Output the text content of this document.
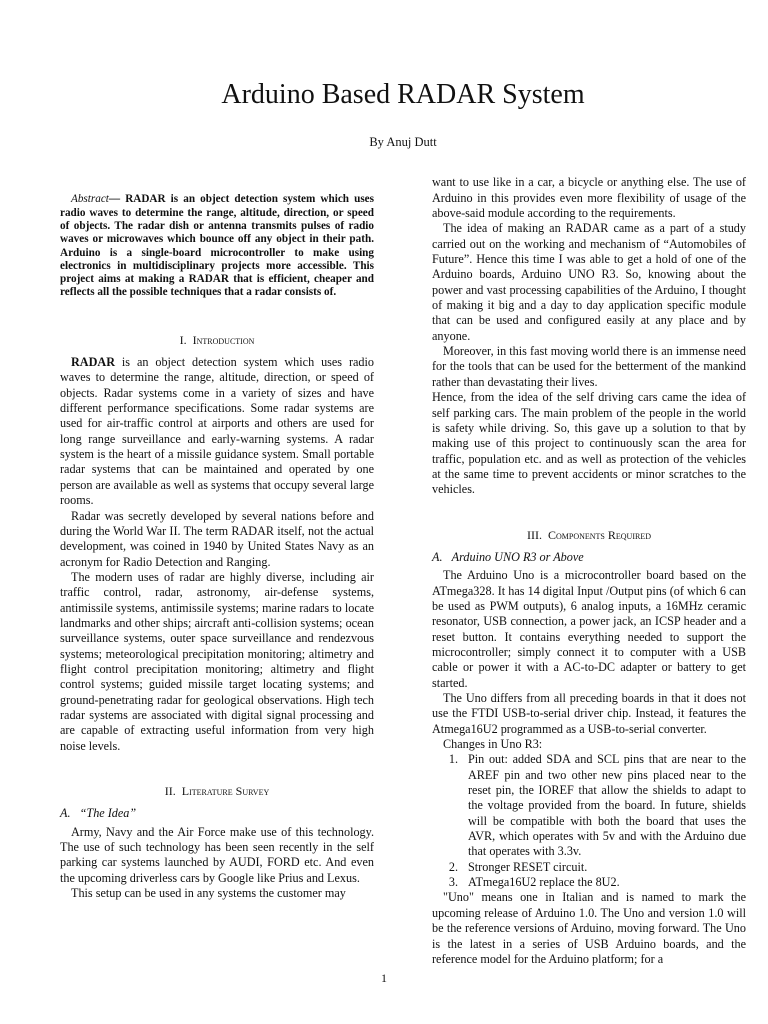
Arduino Based RADAR System
By Anuj Dutt
Abstract— RADAR is an object detection system which uses radio waves to determine the range, altitude, direction, or speed of objects. The radar dish or antenna transmits pulses of radio waves or microwaves which bounce off any object in their path. Arduino is a single-board microcontroller to make using electronics in multidisciplinary projects more accessible. This project aims at making a RADAR that is efficient, cheaper and reflects all the possible techniques that a radar consists of.
I. Introduction

RADAR is an object detection system which uses radio waves to determine the range, altitude, direction, or speed of objects. Radar systems come in a variety of sizes and have different performance specifications. Some radar systems are used for air-traffic control at airports and others are used for long range surveillance and early-warning systems. A radar system is the heart of a missile guidance system. Small portable radar systems that can be maintained and operated by one person are available as well as systems that occupy several large rooms.

Radar was secretly developed by several nations before and during the World War II. The term RADAR itself, not the actual development, was coined in 1940 by United States Navy as an acronym for Radio Detection and Ranging.

The modern uses of radar are highly diverse, including air traffic control, radar, astronomy, air-defense systems, antimissile systems, antimissile systems; marine radars to locate landmarks and other ships; aircraft anti-collision systems; ocean surveillance systems, outer space surveillance and rendezvous systems; meteorological precipitation monitoring; altimetry and flight control precipitation monitoring; altimetry and flight control systems; guided missile target locating systems; and ground-penetrating radar for geological observations. High tech radar systems are associated with digital signal processing and are capable of extracting useful information from very high noise levels.

II. Literature Survey
A. “The Idea”

Army, Navy and the Air Force make use of this technology. The use of such technology has been seen recently in the self parking car systems launched by AUDI, FORD etc. And even the upcoming driverless cars by Google like Prius and Lexus.

This setup can be used in any systems the customer may

want to use like in a car, a bicycle or anything else. The use of Arduino in this provides even more flexibility of usage of the above-said module according to the requirements.

The idea of making an RADAR came as a part of a study carried out on the working and mechanism of “Automobiles of Future”. Hence this time I was able to get a hold of one of the Arduino boards, Arduino UNO R3. So, knowing about the power and vast processing capabilities of the Arduino, I thought of making it big and a day to day application specific module that can be used and configured easily at any place and by anyone.

Moreover, in this fast moving world there is an immense need for the tools that can be used for the betterment of the mankind rather than devastating their lives.

Hence, from the idea of the self driving cars came the idea of self parking cars. The main problem of the people in the world is safety while driving. So, this gave up a solution to that by making use of this project to continuously scan the area for traffic, population etc. and as well as protection of the vehicles at the same time to prevent accidents or minor scratches to the vehicles.

III. Components Required
A. Arduino UNO R3 or Above

The Arduino Uno is a microcontroller board based on the ATmega328. It has 14 digital Input /Output pins (of which 6 can be used as PWM outputs), 6 analog inputs, a 16MHz ceramic resonator, USB connection, a power jack, an ICSP header and a reset button. It contains everything needed to support the microcontroller; simply connect it to computer with a USB cable or power it with a AC-to-DC adapter or battery to get started.

The Uno differs from all preceding boards in that it does not use the FTDI USB-to-serial driver chip. Instead, it features the Atmega16U2 programmed as a USB-to-serial converter.

Changes in Uno R3:

1. Pin out: added SDA and SCL pins that are near to the AREF pin and two other new pins placed near to the reset pin, the IOREF that allow the shields to adapt to the voltage provided from the board. In future, shields will be compatible with both the board that uses the AVR, which operates with 5v and with the Arduino due that operates with 3.3v.
2. Stronger RESET circuit.
3. ATmega16U2 replace the 8U2.

"Uno" means one in Italian and is named to mark the upcoming release of Arduino 1.0. The Uno and version 1.0 will be the reference versions of Arduino, moving forward. The Uno is the latest in a series of USB Arduino boards, and the reference model for the Arduino platform; for a

1
